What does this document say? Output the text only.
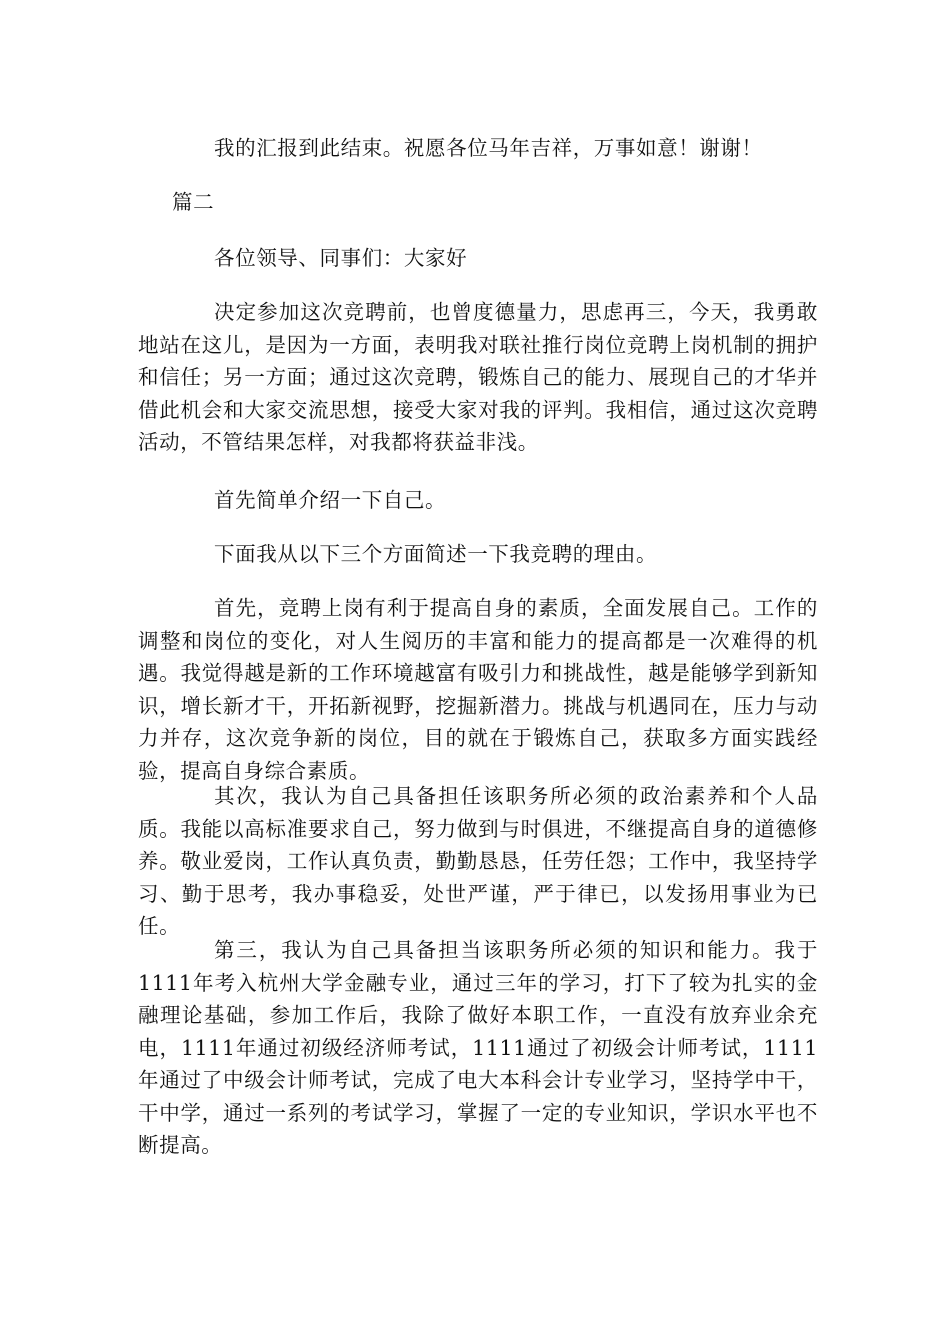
我的汇报到此结束。祝愿各位马年吉祥，万事如意！谢谢！

篇二

各位领导、同事们：大家好

决定参加这次竞聘前，也曾度德量力，思虑再三，今天，我勇敢地站在这儿，是因为一方面，表明我对联社推行岗位竞聘上岗机制的拥护和信任；另一方面；通过这次竞聘，锻炼自己的能力、展现自己的才华并借此机会和大家交流思想，接受大家对我的评判。我相信，通过这次竞聘活动，不管结果怎样，对我都将获益非浅。

首先简单介绍一下自己。

下面我从以下三个方面简述一下我竞聘的理由。

首先，竞聘上岗有利于提高自身的素质，全面发展自己。工作的调整和岗位的变化，对人生阅历的丰富和能力的提高都是一次难得的机遇。我觉得越是新的工作环境越富有吸引力和挑战性，越是能够学到新知识，增长新才干，开拓新视野，挖掘新潜力。挑战与机遇同在，压力与动力并存，这次竞争新的岗位，目的就在于锻炼自己，获取多方面实践经验，提高自身综合素质。

其次，我认为自己具备担任该职务所必须的政治素养和个人品质。我能以高标准要求自己，努力做到与时俱进，不继提高自身的道德修养。敬业爱岗，工作认真负责，勤勤恳恳，任劳任怨；工作中，我坚持学习、勤于思考，我办事稳妥，处世严谨，严于律已，以发扬用事业为已任。

第三，我认为自己具备担当该职务所必须的知识和能力。我于1111年考入杭州大学金融专业，通过三年的学习，打下了较为扎实的金融理论基础，参加工作后，我除了做好本职工作，一直没有放弃业余充电，1111年通过初级经济师考试，1111通过了初级会计师考试，1111年通过了中级会计师考试，完成了电大本科会计专业学习，坚持学中干，干中学，通过一系列的考试学习，掌握了一定的专业知识，学识水平也不断提高。
